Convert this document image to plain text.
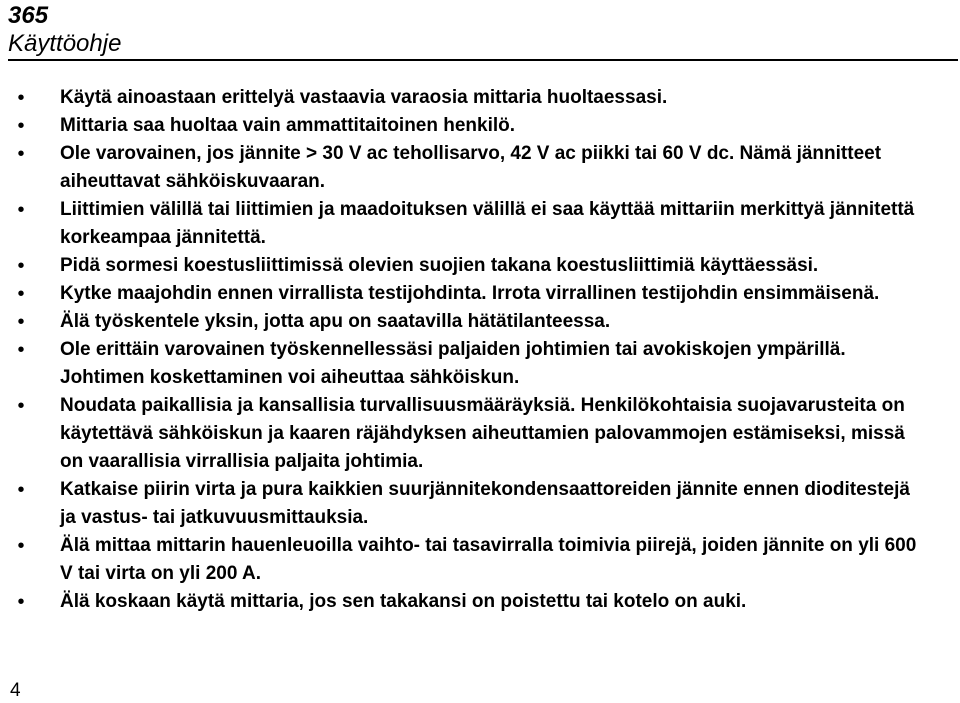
365
Käyttöohje
•	Käytä ainoastaan erittelyä vastaavia varaosia mittaria huoltaessasi.
•	Mittaria saa huoltaa vain ammattitaitoinen henkilö.
•	Ole varovainen, jos jännite > 30 V ac tehollisarvo, 42 V ac piikki tai 60 V dc. Nämä jännitteet aiheuttavat sähköiskuvaaran.
•	Liittimien välillä tai liittimien ja maadoituksen välillä ei saa käyttää mittariin merkittyä jännitettä korkeampaa jännitettä.
•	Pidä sormesi koestusliittimissä olevien suojien takana koestusliittimiä käyttäessäsi.
•	Kytke maajohdin ennen virrallista testijohdinta. Irrota virrallinen testijohdin ensimmäisenä.
•	Älä työskentele yksin, jotta apu on saatavilla hätätilanteessa.
•	Ole erittäin varovainen työskennellessäsi paljaiden johtimien tai avokiskojen ympärillä. Johtimen koskettaminen voi aiheuttaa sähköiskun.
•	Noudata paikallisia ja kansallisia turvallisuusmääräyksiä. Henkilökohtaisia suojavarusteita on käytettävä sähköiskun ja kaaren räjähdyksen aiheuttamien palovammojen estämiseksi, missä on vaarallisia virrallisia paljaita johtimia.
•	Katkaise piirin virta ja pura kaikkien suurjännitekondensaattoreiden jännite ennen dioditestejä ja vastus- tai jatkuvuusmittauksia.
•	Älä mittaa mittarin hauenleuoilla vaihto- tai tasavirralla toimivia piirejä, joiden jännite on yli 600 V tai virta on yli 200 A.
•	Älä koskaan käytä mittaria, jos sen takakansi on poistettu tai kotelo on auki.
4
